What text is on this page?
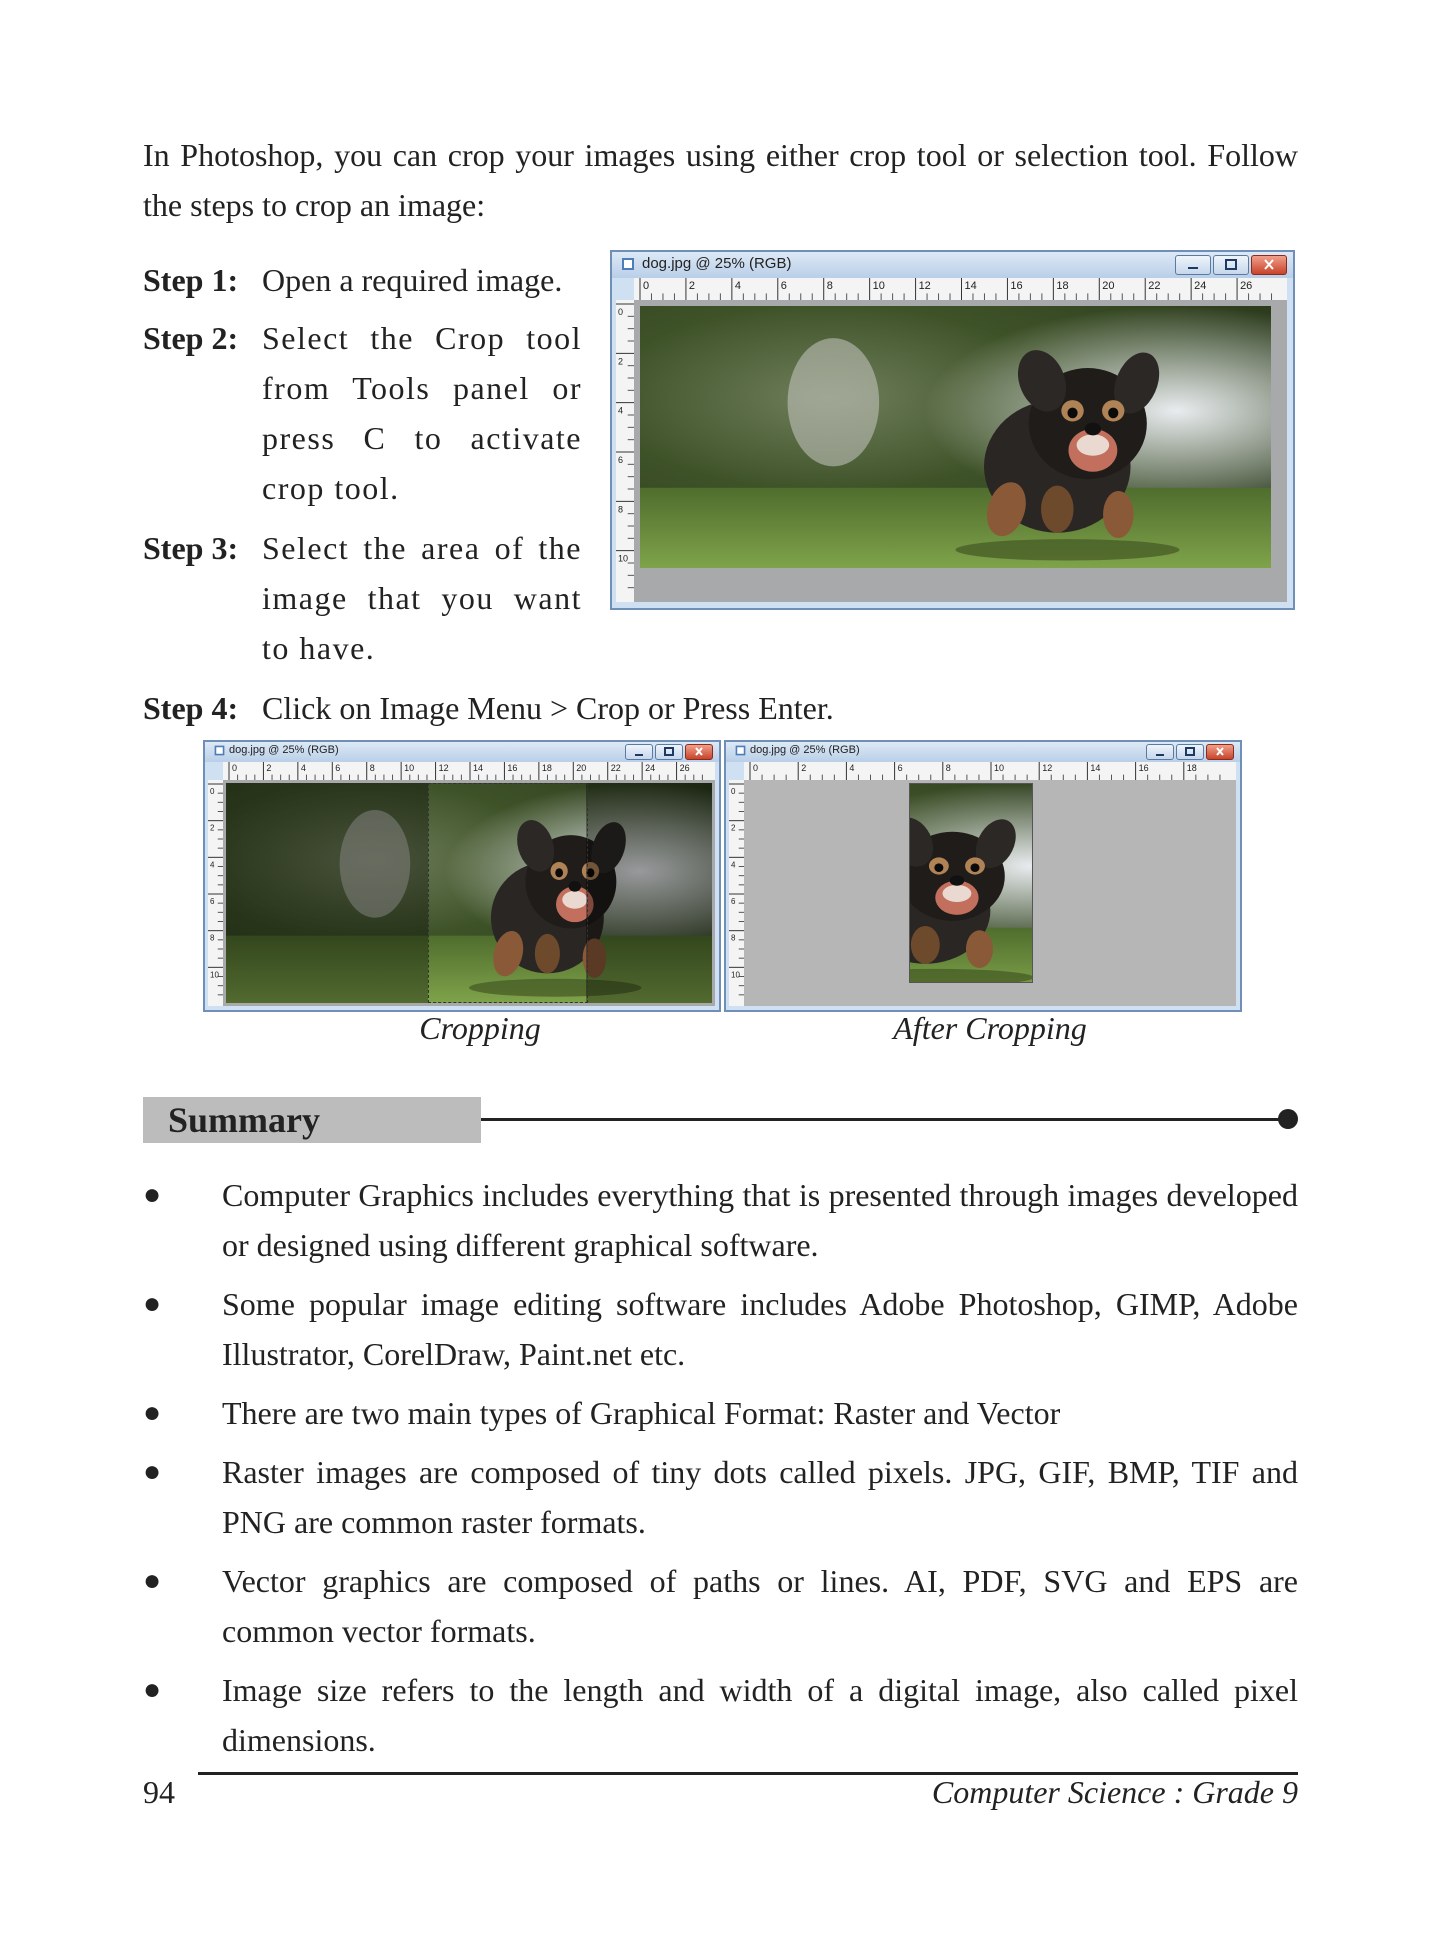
In Photoshop, you can crop your images using either crop tool or selection tool. Follow the steps to crop an image:
Step 1: Open a required image.
Step 2: Select the Crop tool from Tools panel or press C to activate crop tool.
Step 3: Select the area of the image that you want to have.
Step 4: Click on Image Menu > Crop or Press Enter.
dog.jpg @ 25% (RGB)
0	2	4	6	8	10	12	14	16	18	20	22	24	26
0
2
4
6
8
10
dog.jpg @ 25% (RGB)
0	2	4	6	8	10	12	14	16	18	20	22	24	26
0
2
4
6
8
10
dog.jpg @ 25% (RGB)
0	2	4	6	8	10	12	14	16	18
0
2
4
6
8
10
Cropping	After Cropping
Summary
● Computer Graphics includes everything that is presented through images developed or designed using different graphical software.
● Some popular image editing software includes Adobe Photoshop, GIMP, Adobe Illustrator, CorelDraw, Paint.net etc.
● There are two main types of Graphical Format: Raster and Vector
● Raster images are composed of tiny dots called pixels. JPG, GIF, BMP, TIF and PNG are common raster formats.
● Vector graphics are composed of paths or lines. AI, PDF, SVG and EPS are common vector formats.
● Image size refers to the length and width of a digital image, also called pixel dimensions.
94	Computer Science : Grade 9
